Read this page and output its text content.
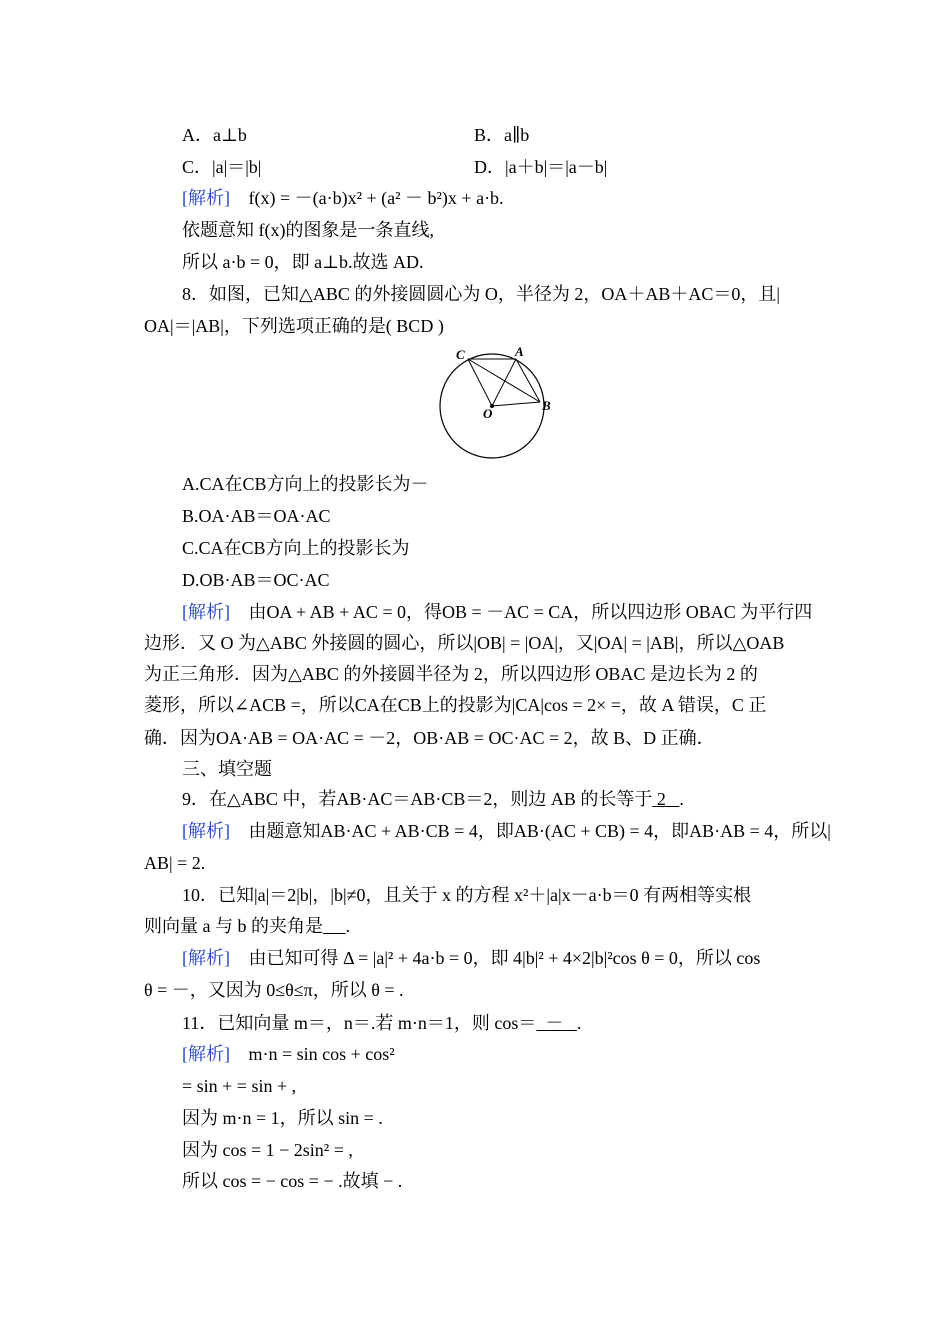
A．a⊥b	B．a∥b
C．|a|＝|b|	D．|a＋b|＝|a－b|
[解析] f(x) = －(a·b)x² + (a² － b²)x + a·b.
依题意知 f(x)的图象是一条直线,
所以 a·b = 0，即 a⊥b.故选 AD.
8．如图，已知△ABC 的外接圆圆心为 O，半径为 2，OA＋AB＋AC＝0，且|
OA|＝|AB|，下列选项正确的是( BCD )
C	A
B
O
A.CA在CB方向上的投影长为－
B.OA·AB＝OA·AC
C.CA在CB方向上的投影长为
D.OB·AB＝OC·AC
[解析] 由OA + AB + AC = 0，得OB = －AC = CA，所以四边形 OBAC 为平行四
边形．又 O 为△ABC 外接圆的圆心，所以|OB| = |OA|，又|OA| = |AB|，所以△OAB
为正三角形．因为△ABC 的外接圆半径为 2，所以四边形 OBAC 是边长为 2 的
菱形，所以∠ACB =，所以CA在CB上的投影为|CA|cos = 2× =，故 A 错误，C 正
确．因为OA·AB = OA·AC = －2，OB·AB = OC·AC = 2，故 B、D 正确．
三、填空题
9．在△ABC 中，若AB·AC＝AB·CB＝2，则边 AB 的长等于 2 .
[解析] 由题意知AB·AC + AB·CB = 4，即AB·(AC + CB) = 4，即AB·AB = 4，所以|
AB| = 2.
10．已知|a|＝2|b|，|b|≠0，且关于 x 的方程 x²＋|a|x－a·b＝0 有两相等实根
则向量 a 与 b 的夹角是 .
[解析] 由已知可得 Δ = |a|² + 4a·b = 0，即 4|b|² + 4×2|b|²cos θ = 0，所以 cos
θ = －，又因为 0≤θ≤π，所以 θ = .
11．已知向量 m＝，n＝.若 m·n＝1，则 cos＝ － .
[解析] m·n = sin cos + cos²
= sin + = sin + ,
因为 m·n = 1，所以 sin = .
因为 cos = 1 − 2sin² = ,
所以 cos = − cos = − .故填 − .
